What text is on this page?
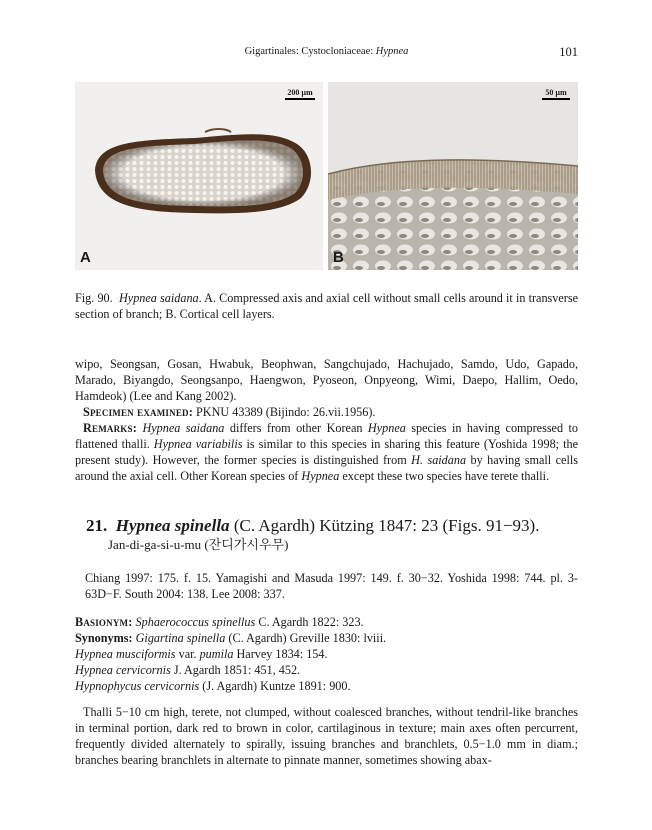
Gigartinales: Cystocloniaceae: Hypnea	101
200 µm
A
50 µm
B
Fig. 90. Hypnea saidana. A. Compressed axis and axial cell without small cells around it in transverse section of branch; B. Cortical cell layers.

wipo, Seongsan, Gosan, Hwabuk, Beophwan, Sangchujado, Hachujado, Samdo, Udo, Gapado, Marado, Biyangdo, Seongsanpo, Haengwon, Pyoseon, Onpyeong, Wimi, Daepo, Hallim, Oedo, Hamdeok) (Lee and Kang 2002).

Specimen examined: PKNU 43389 (Bijindo: 26.vii.1956).

Remarks: Hypnea saidana differs from other Korean Hypnea species in having compressed to flattened thalli. Hypnea variabilis is similar to this species in sharing this feature (Yoshida 1998; the present study). However, the former species is distinguished from H. saidana by having small cells around the axial cell. Other Korean species of Hypnea except these two species have terete thalli.

21. Hypnea spinella (C. Agardh) Kützing 1847: 23 (Figs. 91−93).
Jan-di-ga-si-u-mu (잔디가시우무)

Chiang 1997: 175. f. 15. Yamagishi and Masuda 1997: 149. f. 30−32. Yoshida 1998: 744. pl. 3-63D−F. South 2004: 138. Lee 2008: 337.

Basionym: Sphaerococcus spinellus C. Agardh 1822: 323.

Synonyms: Gigartina spinella (C. Agardh) Greville 1830: lviii.

Hypnea musciformis var. pumila Harvey 1834: 154.

Hypnea cervicornis J. Agardh 1851: 451, 452.

Hypnophycus cervicornis (J. Agardh) Kuntze 1891: 900.

Thalli 5−10 cm high, terete, not clumped, without coalesced branches, without tendril-like branches in terminal portion, dark red to brown in color, cartilaginous in texture; main axes often percurrent, frequently divided alternately to spirally, issuing branches and branchlets, 0.5−1.0 mm in diam.; branches bearing branchlets in alternate to pinnate manner, sometimes showing abax-
